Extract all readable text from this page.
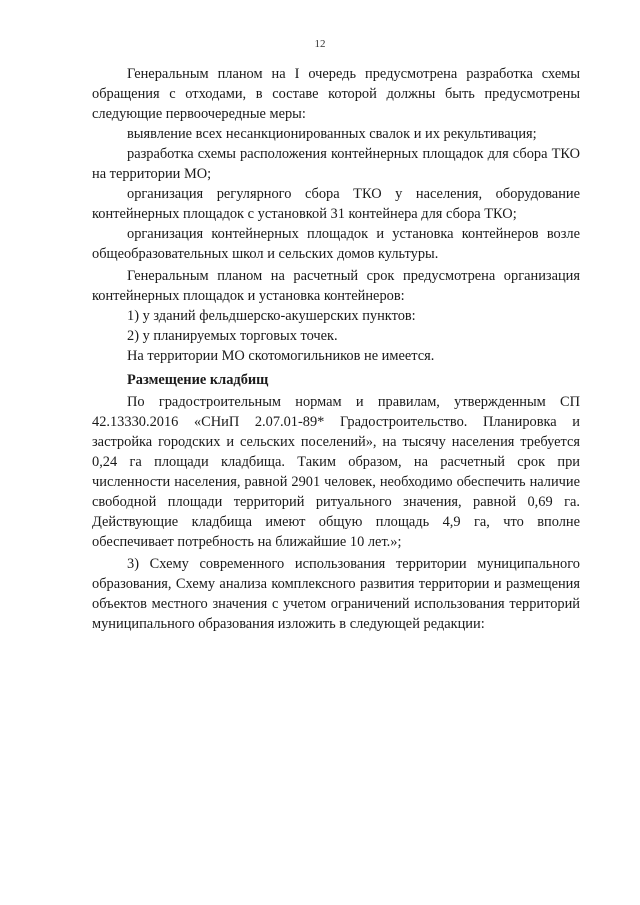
12

Генеральным планом на I очередь предусмотрена разработка схемы обращения с отходами, в составе которой должны быть предусмотрены следующие первоочередные меры:

выявление всех несанкционированных свалок и их рекультивация;

разработка схемы расположения контейнерных площадок для сбора ТКО на территории МО;

организация регулярного сбора ТКО у населения, оборудование контейнерных площадок с установкой 31 контейнера для сбора ТКО;

организация контейнерных площадок и установка контейнеров возле общеобразовательных школ и сельских домов культуры.

Генеральным планом на расчетный срок предусмотрена организация контейнерных площадок и установка контейнеров:

1) у зданий фельдшерско-акушерских пунктов:

2) у планируемых торговых точек.

На территории МО скотомогильников не имеется.

Размещение кладбищ

По градостроительным нормам и правилам, утвержденным СП 42.13330.2016 «СНиП 2.07.01-89* Градостроительство. Планировка и застройка городских и сельских поселений», на тысячу населения требуется 0,24 га площади кладбища. Таким образом, на расчетный срок при численности населения, равной 2901 человек, необходимо обеспечить наличие свободной площади территорий ритуального значения, равной 0,69 га. Действующие кладбища имеют общую площадь 4,9 га, что вполне обеспечивает потребность на ближайшие 10 лет.»;

3) Схему современного использования территории муниципального образования, Схему анализа комплексного развития территории и размещения объектов местного значения с учетом ограничений использования территорий муниципального образования изложить в следующей редакции:
